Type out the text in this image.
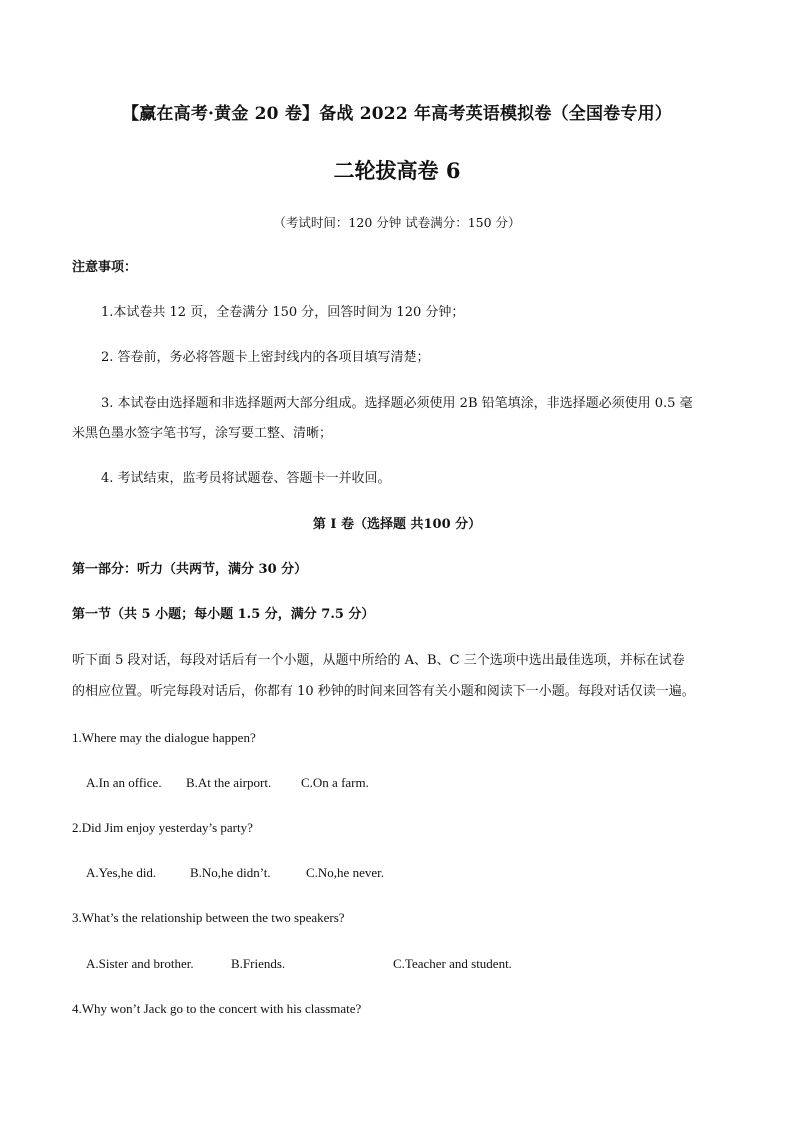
【赢在高考·黄金 20 卷】备战 2022 年高考英语模拟卷（全国卷专用）
二轮拔高卷 6
（考试时间：120 分钟 试卷满分：150 分）
注意事项：
1.本试卷共 12 页，全卷满分 150 分，回答时间为 120 分钟；
2. 答卷前，务必将答题卡上密封线内的各项目填写清楚；
3. 本试卷由选择题和非选择题两大部分组成。选择题必须使用 2B 铅笔填涂，非选择题必须使用 0.5 毫
米黑色墨水签字笔书写，涂写要工整、清晰；
4. 考试结束，监考员将试题卷、答题卡一并收回。
第 I 卷（选择题 共100 分）
第一部分：听力（共两节，满分 30 分）
第一节（共 5 小题；每小题 1.5 分，满分 7.5 分）
听下面 5 段对话，每段对话后有一个小题，从题中所给的 A、B、C 三个选项中选出最佳选项，并标在试卷
的相应位置。听完每段对话后，你都有 10 秒钟的时间来回答有关小题和阅读下一小题。每段对话仅读一遍。
1.Where may the dialogue happen?
A.In an office. B.At the airport. C.On a farm.
2.Did Jim enjoy yesterday’s party?
A.Yes,he did.	B.No,he didn’t.	C.No,he never.
3.What’s the relationship between the two speakers?
A.Sister and brother.	B.Friends.	C.Teacher and student.
4.Why won’t Jack go to the concert with his classmate?
